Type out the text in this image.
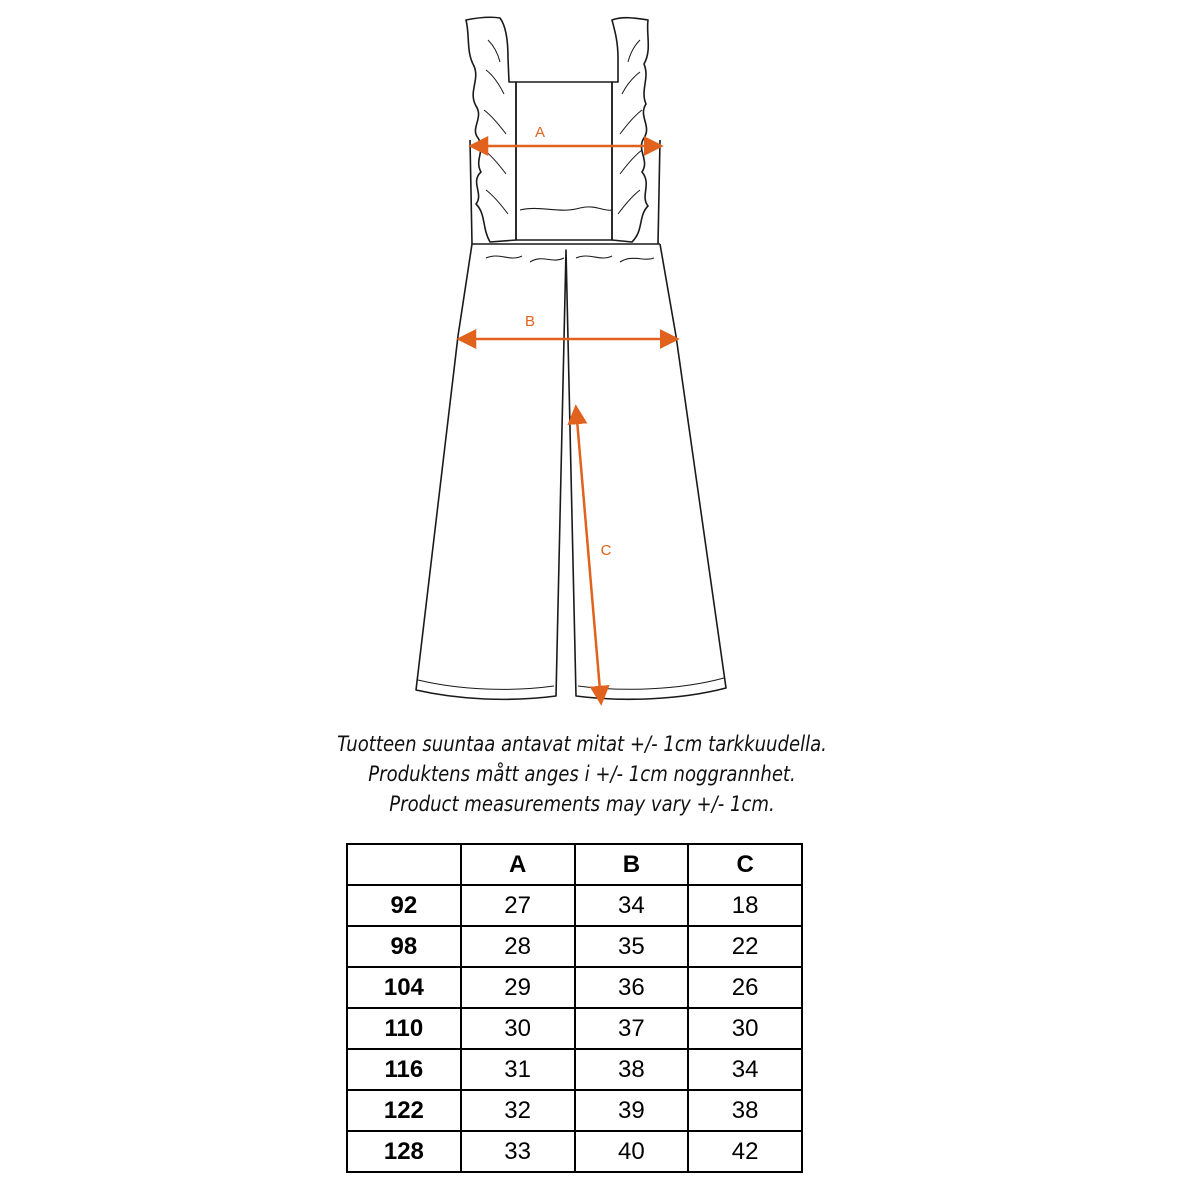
A
B
C
Tuotteen suuntaa antavat mitat +/- 1cm tarkkuudella.
Produktens mått anges i +/- 1cm noggrannhet.
Product measurements may vary +/- 1cm.
	A	B	C
92	27	34	18
98	28	35	22
104	29	36	26
110	30	37	30
116	31	38	34
122	32	39	38
128	33	40	42
